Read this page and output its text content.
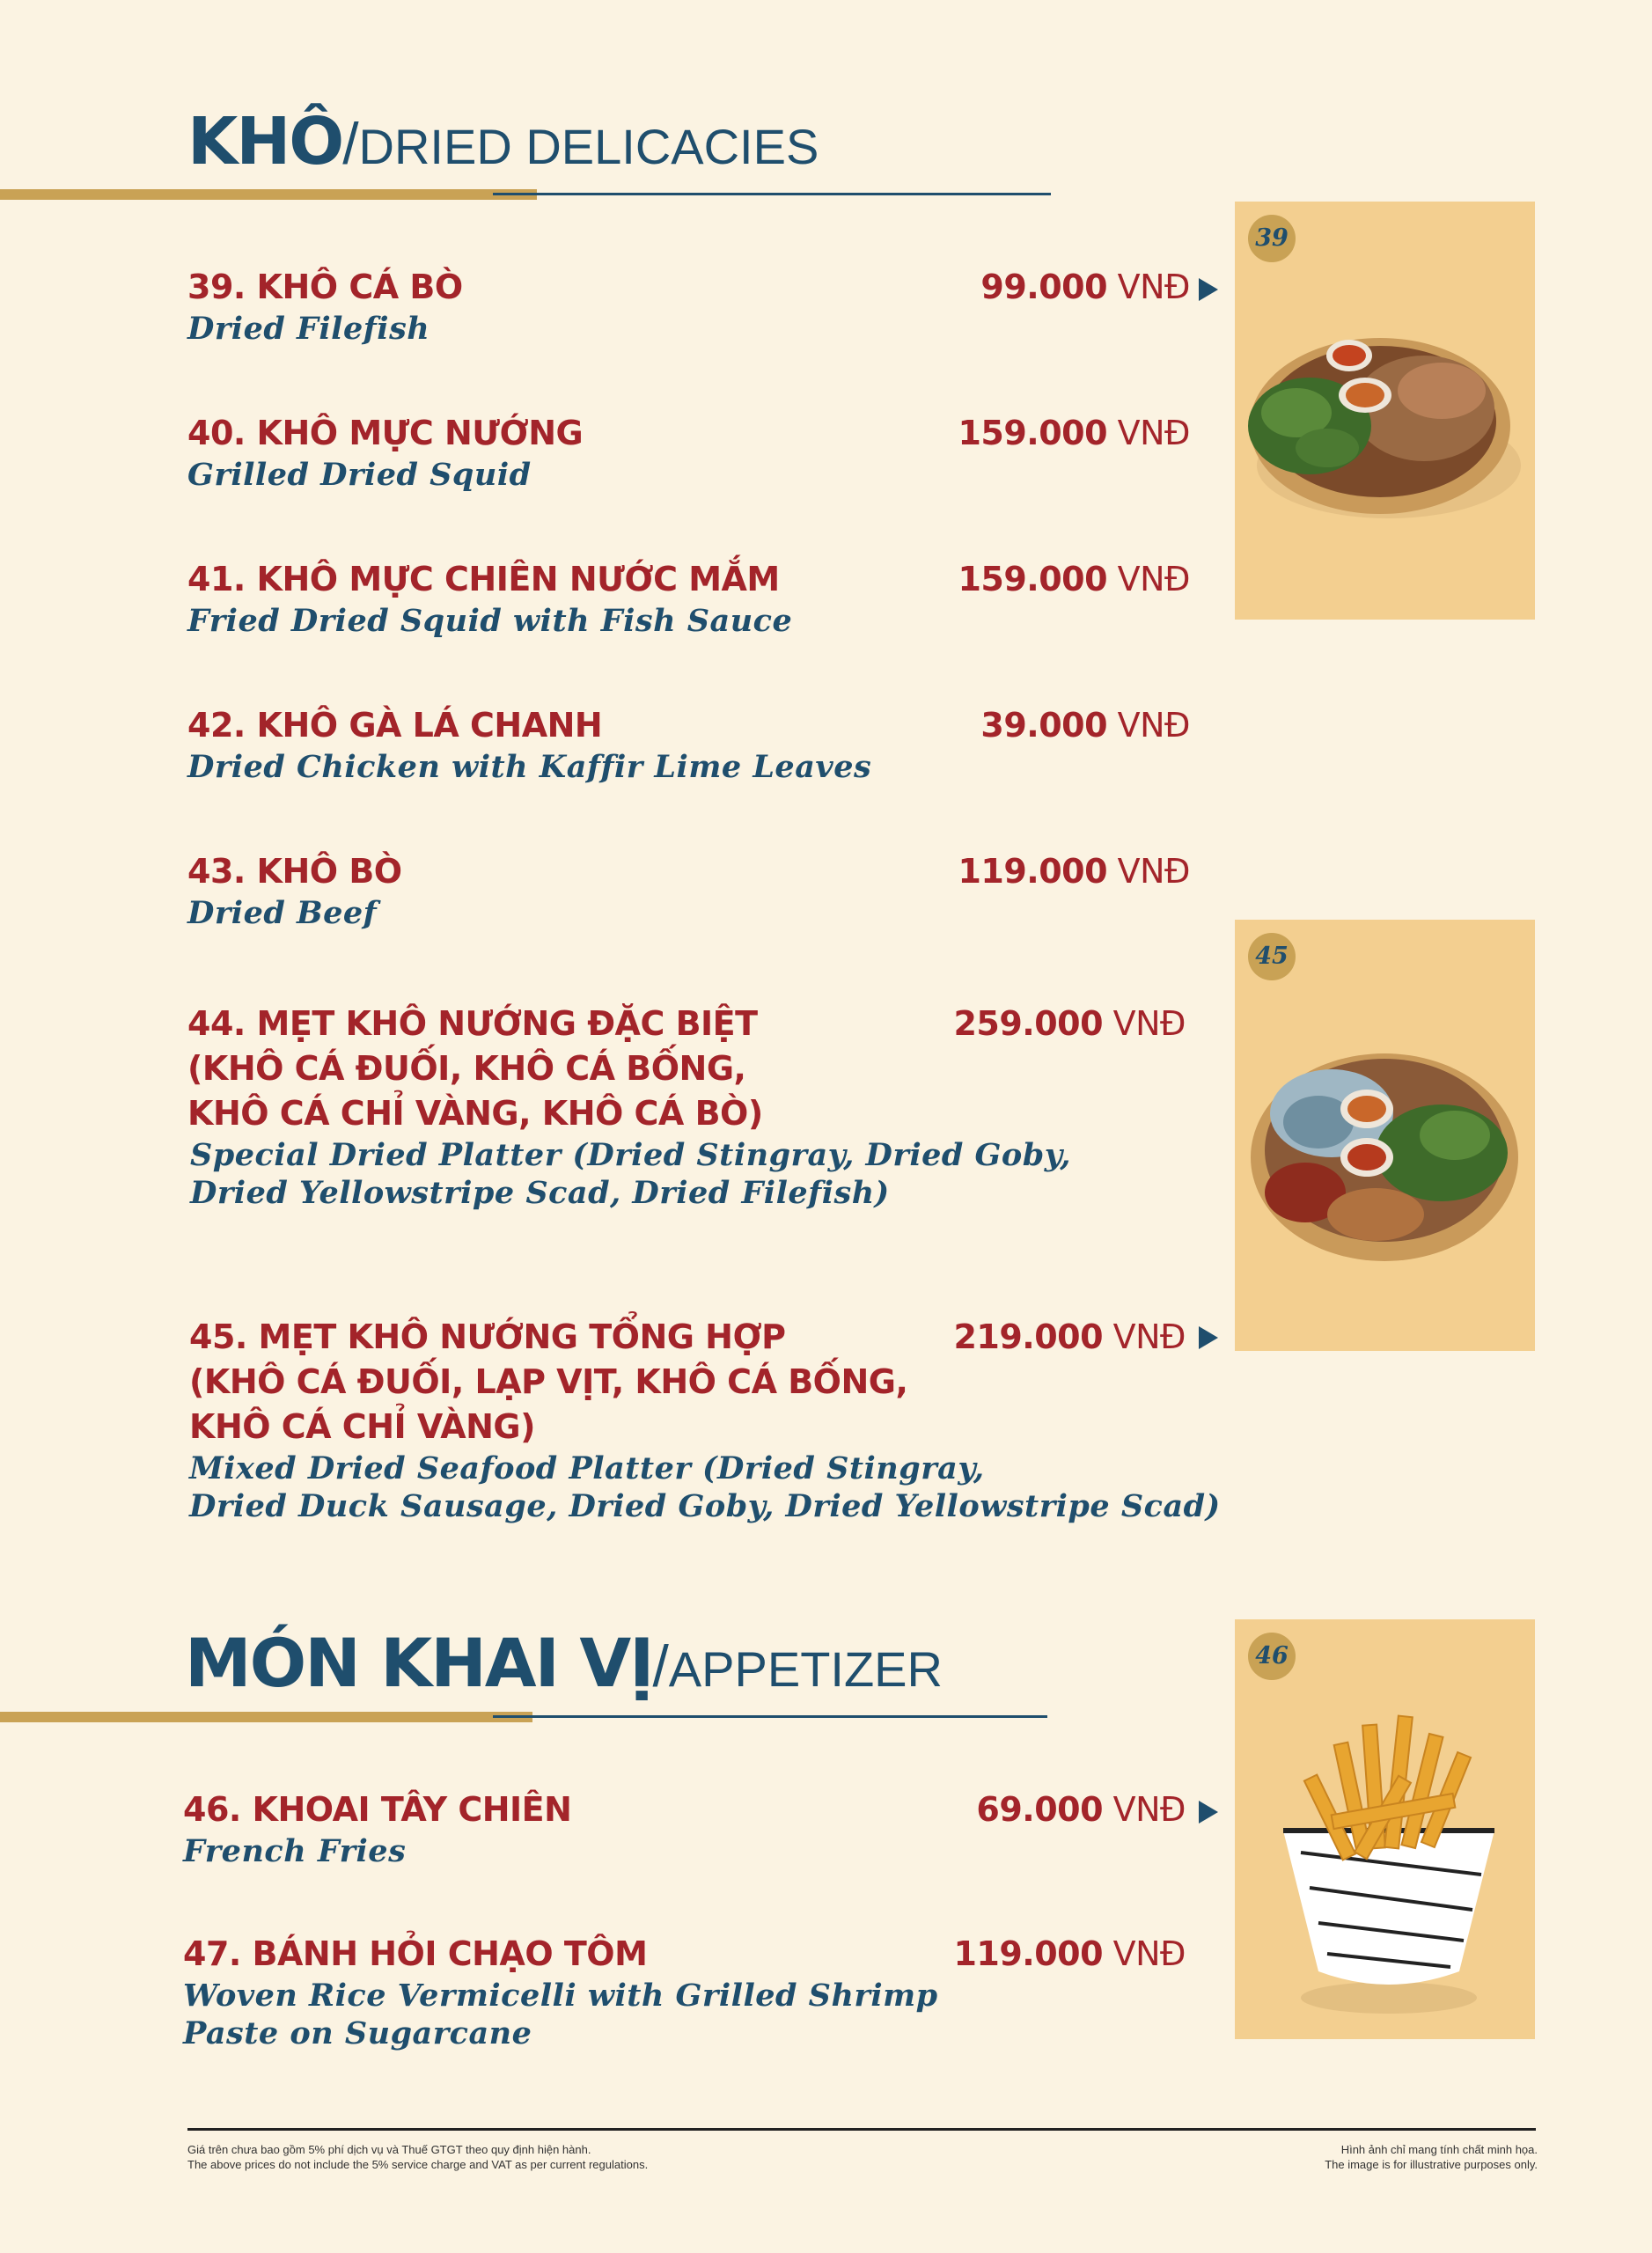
KHÔ/DRIED DELICACIES
39. KHÔ CÁ BÒ
Dried Filefish
99.000 VNĐ
40. KHÔ MỰC NƯỚNG
Grilled Dried Squid
159.000 VNĐ
41. KHÔ MỰC CHIÊN NƯỚC MẮM
Fried Dried Squid with Fish Sauce
159.000 VNĐ
42. KHÔ GÀ LÁ CHANH
Dried Chicken with Kaffir Lime Leaves
39.000 VNĐ
43. KHÔ BÒ
Dried Beef
119.000 VNĐ
44. MẸT KHÔ NƯỚNG ĐẶC BIỆT
(KHÔ CÁ ĐUỐI, KHÔ CÁ BỐNG,
KHÔ CÁ CHỈ VÀNG, KHÔ CÁ BÒ)
Special Dried Platter (Dried Stingray, Dried Goby,
Dried Yellowstripe Scad, Dried Filefish)
259.000 VNĐ
45. MẸT KHÔ NƯỚNG TỔNG HỢP
(KHÔ CÁ ĐUỐI, LẠP VỊT, KHÔ CÁ BỐNG,
KHÔ CÁ CHỈ VÀNG)
Mixed Dried Seafood Platter (Dried Stingray,
Dried Duck Sausage, Dried Goby, Dried Yellowstripe Scad)
219.000 VNĐ
MÓN KHAI VỊ/APPETIZER
46. KHOAI TÂY CHIÊN
French Fries
69.000 VNĐ
47. BÁNH HỎI CHẠO TÔM
Woven Rice Vermicelli with Grilled Shrimp
Paste on Sugarcane
119.000 VNĐ
39
45
46
Giá trên chưa bao gồm 5% phí dịch vụ và Thuế GTGT theo quy định hiện hành.
The above prices do not include the 5% service charge and VAT as per current regulations.
Hình ảnh chỉ mang tính chất minh họa.
The image is for illustrative purposes only.
